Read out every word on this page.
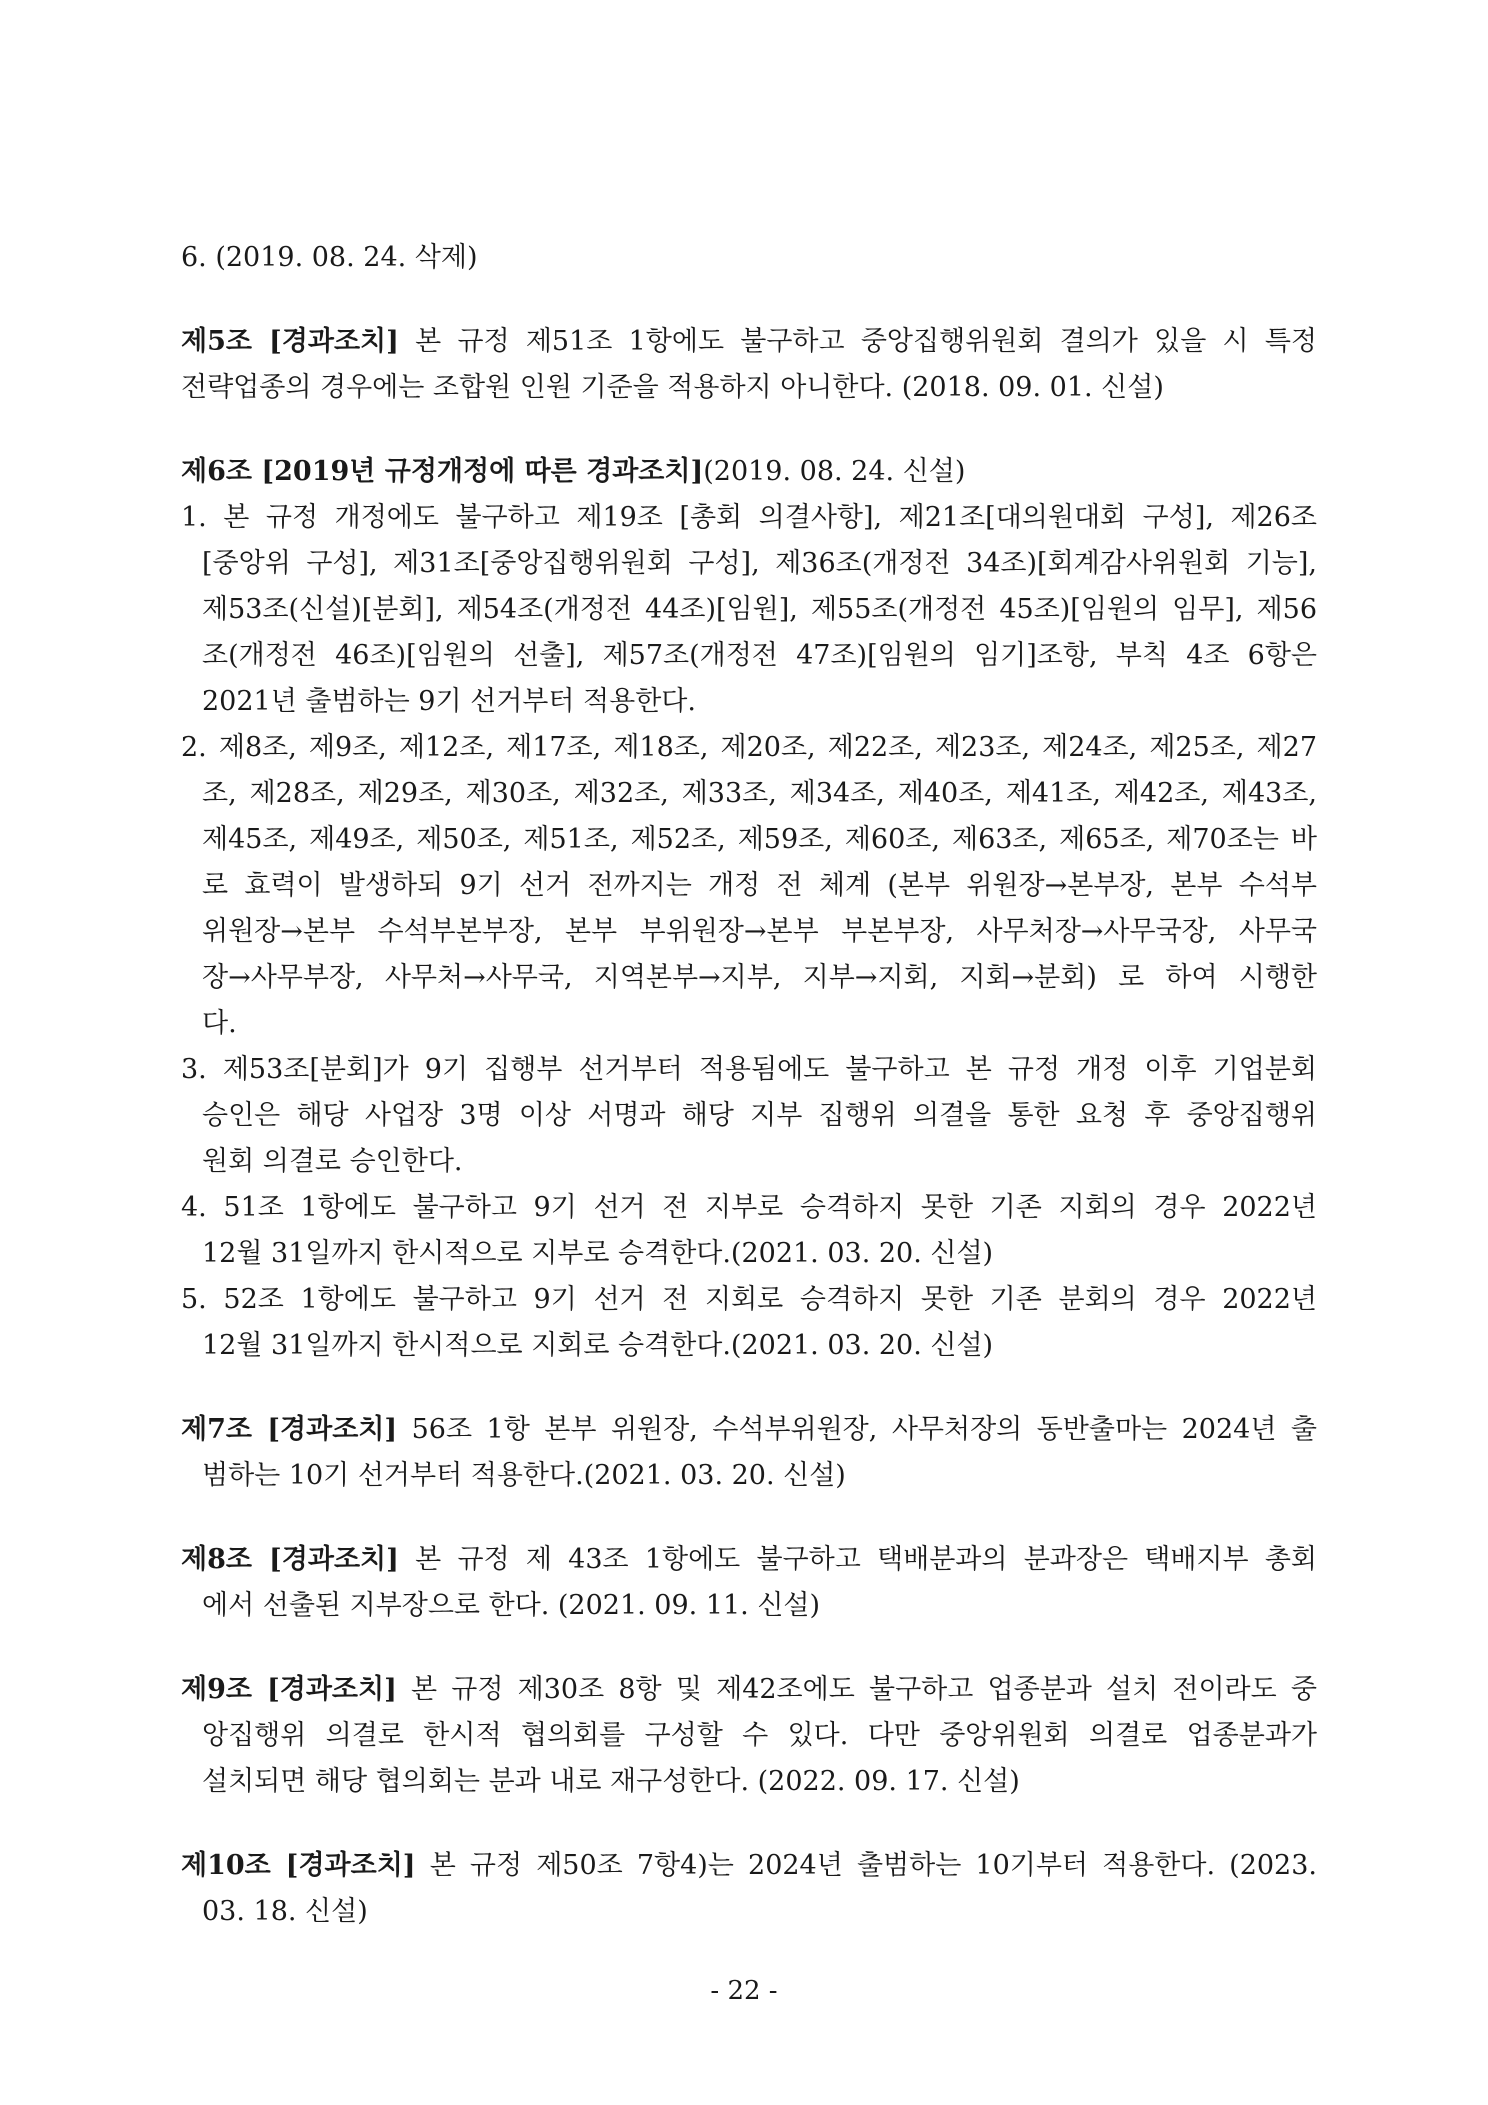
6. (2019. 08. 24. 삭제)
제5조 [경과조치] 본 규정 제51조 1항에도 불구하고 중앙집행위원회 결의가 있을 시 특정
전략업종의 경우에는 조합원 인원 기준을 적용하지 아니한다. (2018. 09. 01. 신설)
제6조 [2019년 규정개정에 따른 경과조치](2019. 08. 24. 신설)
1. 본 규정 개정에도 불구하고 제19조 [총회 의결사항], 제21조[대의원대회 구성], 제26조
[중앙위 구성], 제31조[중앙집행위원회 구성], 제36조(개정전 34조)[회계감사위원회 기능],
제53조(신설)[분회], 제54조(개정전 44조)[임원], 제55조(개정전 45조)[임원의 임무], 제56
조(개정전 46조)[임원의 선출], 제57조(개정전 47조)[임원의 임기]조항, 부칙 4조 6항은
2021년 출범하는 9기 선거부터 적용한다.
2. 제8조, 제9조, 제12조, 제17조, 제18조, 제20조, 제22조, 제23조, 제24조, 제25조, 제27
조, 제28조, 제29조, 제30조, 제32조, 제33조, 제34조, 제40조, 제41조, 제42조, 제43조,
제45조, 제49조, 제50조, 제51조, 제52조, 제59조, 제60조, 제63조, 제65조, 제70조는 바
로 효력이 발생하되 9기 선거 전까지는 개정 전 체계 (본부 위원장→본부장, 본부 수석부
위원장→본부 수석부본부장, 본부 부위원장→본부 부본부장, 사무처장→사무국장, 사무국
장→사무부장, 사무처→사무국, 지역본부→지부, 지부→지회, 지회→분회) 로 하여 시행한
다.
3. 제53조[분회]가 9기 집행부 선거부터 적용됨에도 불구하고 본 규정 개정 이후 기업분회
승인은 해당 사업장 3명 이상 서명과 해당 지부 집행위 의결을 통한 요청 후 중앙집행위
원회 의결로 승인한다.
4. 51조 1항에도 불구하고 9기 선거 전 지부로 승격하지 못한 기존 지회의 경우 2022년
12월 31일까지 한시적으로 지부로 승격한다.(2021. 03. 20. 신설)
5. 52조 1항에도 불구하고 9기 선거 전 지회로 승격하지 못한 기존 분회의 경우 2022년
12월 31일까지 한시적으로 지회로 승격한다.(2021. 03. 20. 신설)
제7조 [경과조치] 56조 1항 본부 위원장, 수석부위원장, 사무처장의 동반출마는 2024년 출
범하는 10기 선거부터 적용한다.(2021. 03. 20. 신설)
제8조 [경과조치] 본 규정 제 43조 1항에도 불구하고 택배분과의 분과장은 택배지부 총회
에서 선출된 지부장으로 한다. (2021. 09. 11. 신설)
제9조 [경과조치] 본 규정 제30조 8항 및 제42조에도 불구하고 업종분과 설치 전이라도 중
앙집행위 의결로 한시적 협의회를 구성할 수 있다. 다만 중앙위원회 의결로 업종분과가
설치되면 해당 협의회는 분과 내로 재구성한다. (2022. 09. 17. 신설)
제10조 [경과조치] 본 규정 제50조 7항4)는 2024년 출범하는 10기부터 적용한다. (2023.
03. 18. 신설)
- 22 -
